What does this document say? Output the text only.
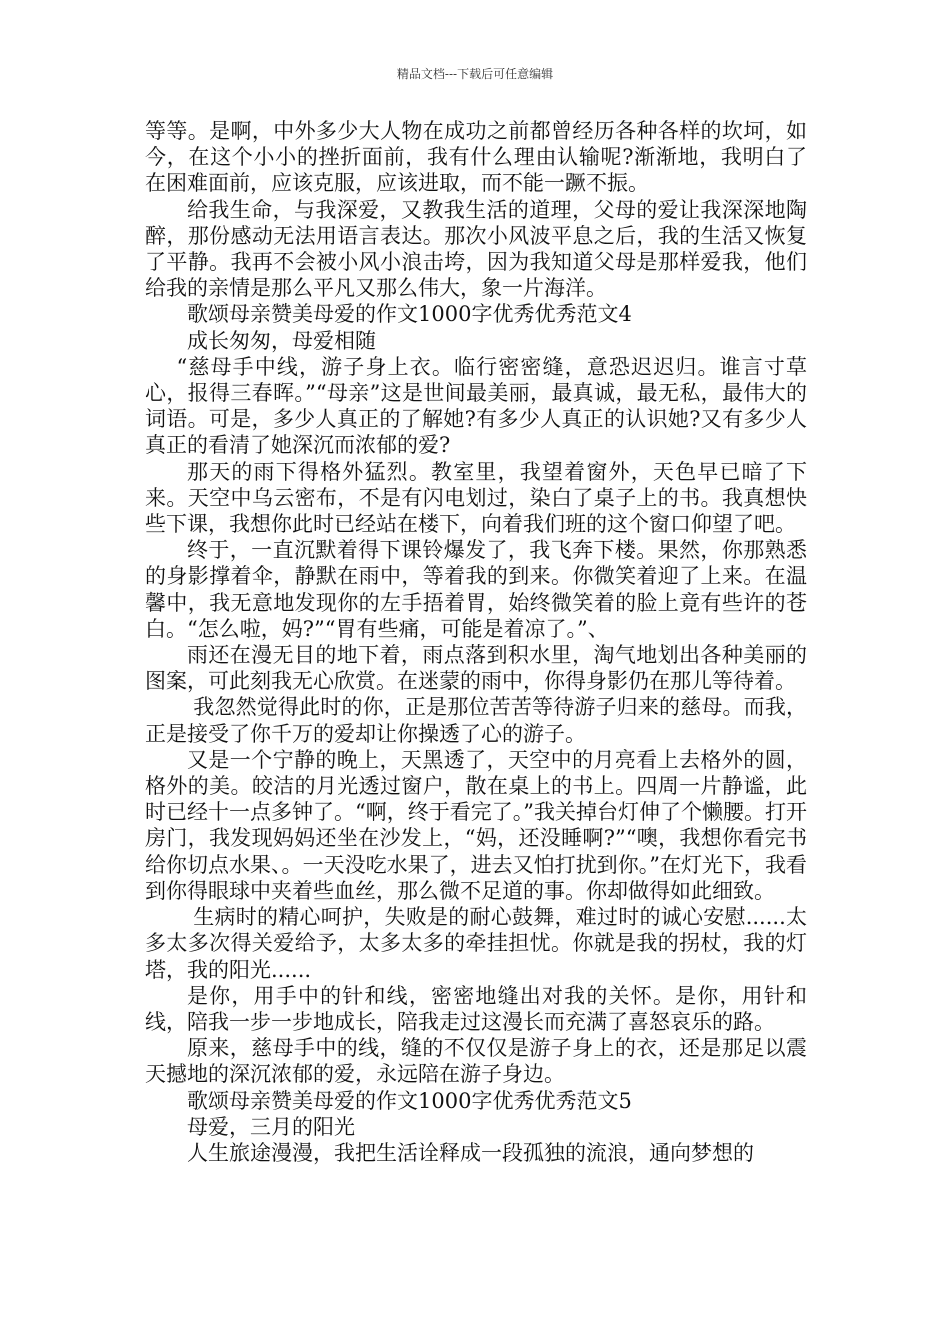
精品文档---下载后可任意编辑

等等。是啊，中外多少大人物在成功之前都曾经历各种各样的坎坷，如今，在这个小小的挫折面前，我有什么理由认输呢?渐渐地，我明白了在困难面前，应该克服，应该进取，而不能一蹶不振。

给我生命，与我深爱，又教我生活的道理，父母的爱让我深深地陶醉，那份感动无法用语言表达。那次小风波平息之后，我的生活又恢复了平静。我再不会被小风小浪击垮，因为我知道父母是那样爱我，他们给我的亲情是那么平凡又那么伟大，象一片海洋。

歌颂母亲赞美母爱的作文1000字优秀优秀范文4

成长匆匆，母爱相随

“慈母手中线，游子身上衣。临行密密缝，意恐迟迟归。谁言寸草心，报得三春晖。”“母亲”这是世间最美丽，最真诚，最无私，最伟大的词语。可是，多少人真正的了解她?有多少人真正的认识她?又有多少人真正的看清了她深沉而浓郁的爱?

那天的雨下得格外猛烈。教室里，我望着窗外，天色早已暗了下来。天空中乌云密布，不是有闪电划过，染白了桌子上的书。我真想快些下课，我想你此时已经站在楼下，向着我们班的这个窗口仰望了吧。

终于，一直沉默着得下课铃爆发了，我飞奔下楼。果然，你那熟悉的身影撑着伞，静默在雨中，等着我的到来。你微笑着迎了上来。在温馨中，我无意地发现你的左手捂着胃，始终微笑着的脸上竟有些许的苍白。“怎么啦，妈?”“胃有些痛，可能是着凉了。”、

雨还在漫无目的地下着，雨点落到积水里，淘气地划出各种美丽的图案，可此刻我无心欣赏。在迷蒙的雨中，你得身影仍在那儿等待着。

我忽然觉得此时的你，正是那位苦苦等待游子归来的慈母。而我，正是接受了你千万的爱却让你操透了心的游子。

又是一个宁静的晚上，天黑透了，天空中的月亮看上去格外的圆，格外的美。皎洁的月光透过窗户，散在桌上的书上。四周一片静谧，此时已经十一点多钟了。“啊，终于看完了。”我关掉台灯伸了个懒腰。打开房门，我发现妈妈还坐在沙发上，“妈，还没睡啊?”“噢，我想你看完书给你切点水果、。一天没吃水果了，进去又怕打扰到你。”在灯光下，我看到你得眼球中夹着些血丝，那么微不足道的事。你却做得如此细致。

生病时的精心呵护，失败是的耐心鼓舞，难过时的诚心安慰......太多太多次得关爱给予，太多太多的牵挂担忧。你就是我的拐杖，我的灯塔，我的阳光......

是你，用手中的针和线，密密地缝出对我的关怀。是你，用针和线，陪我一步一步地成长，陪我走过这漫长而充满了喜怒哀乐的路。

原来，慈母手中的线，缝的不仅仅是游子身上的衣，还是那足以震天撼地的深沉浓郁的爱，永远陪在游子身边。

歌颂母亲赞美母爱的作文1000字优秀优秀范文5

母爱，三月的阳光

人生旅途漫漫，我把生活诠释成一段孤独的流浪，通向梦想的
